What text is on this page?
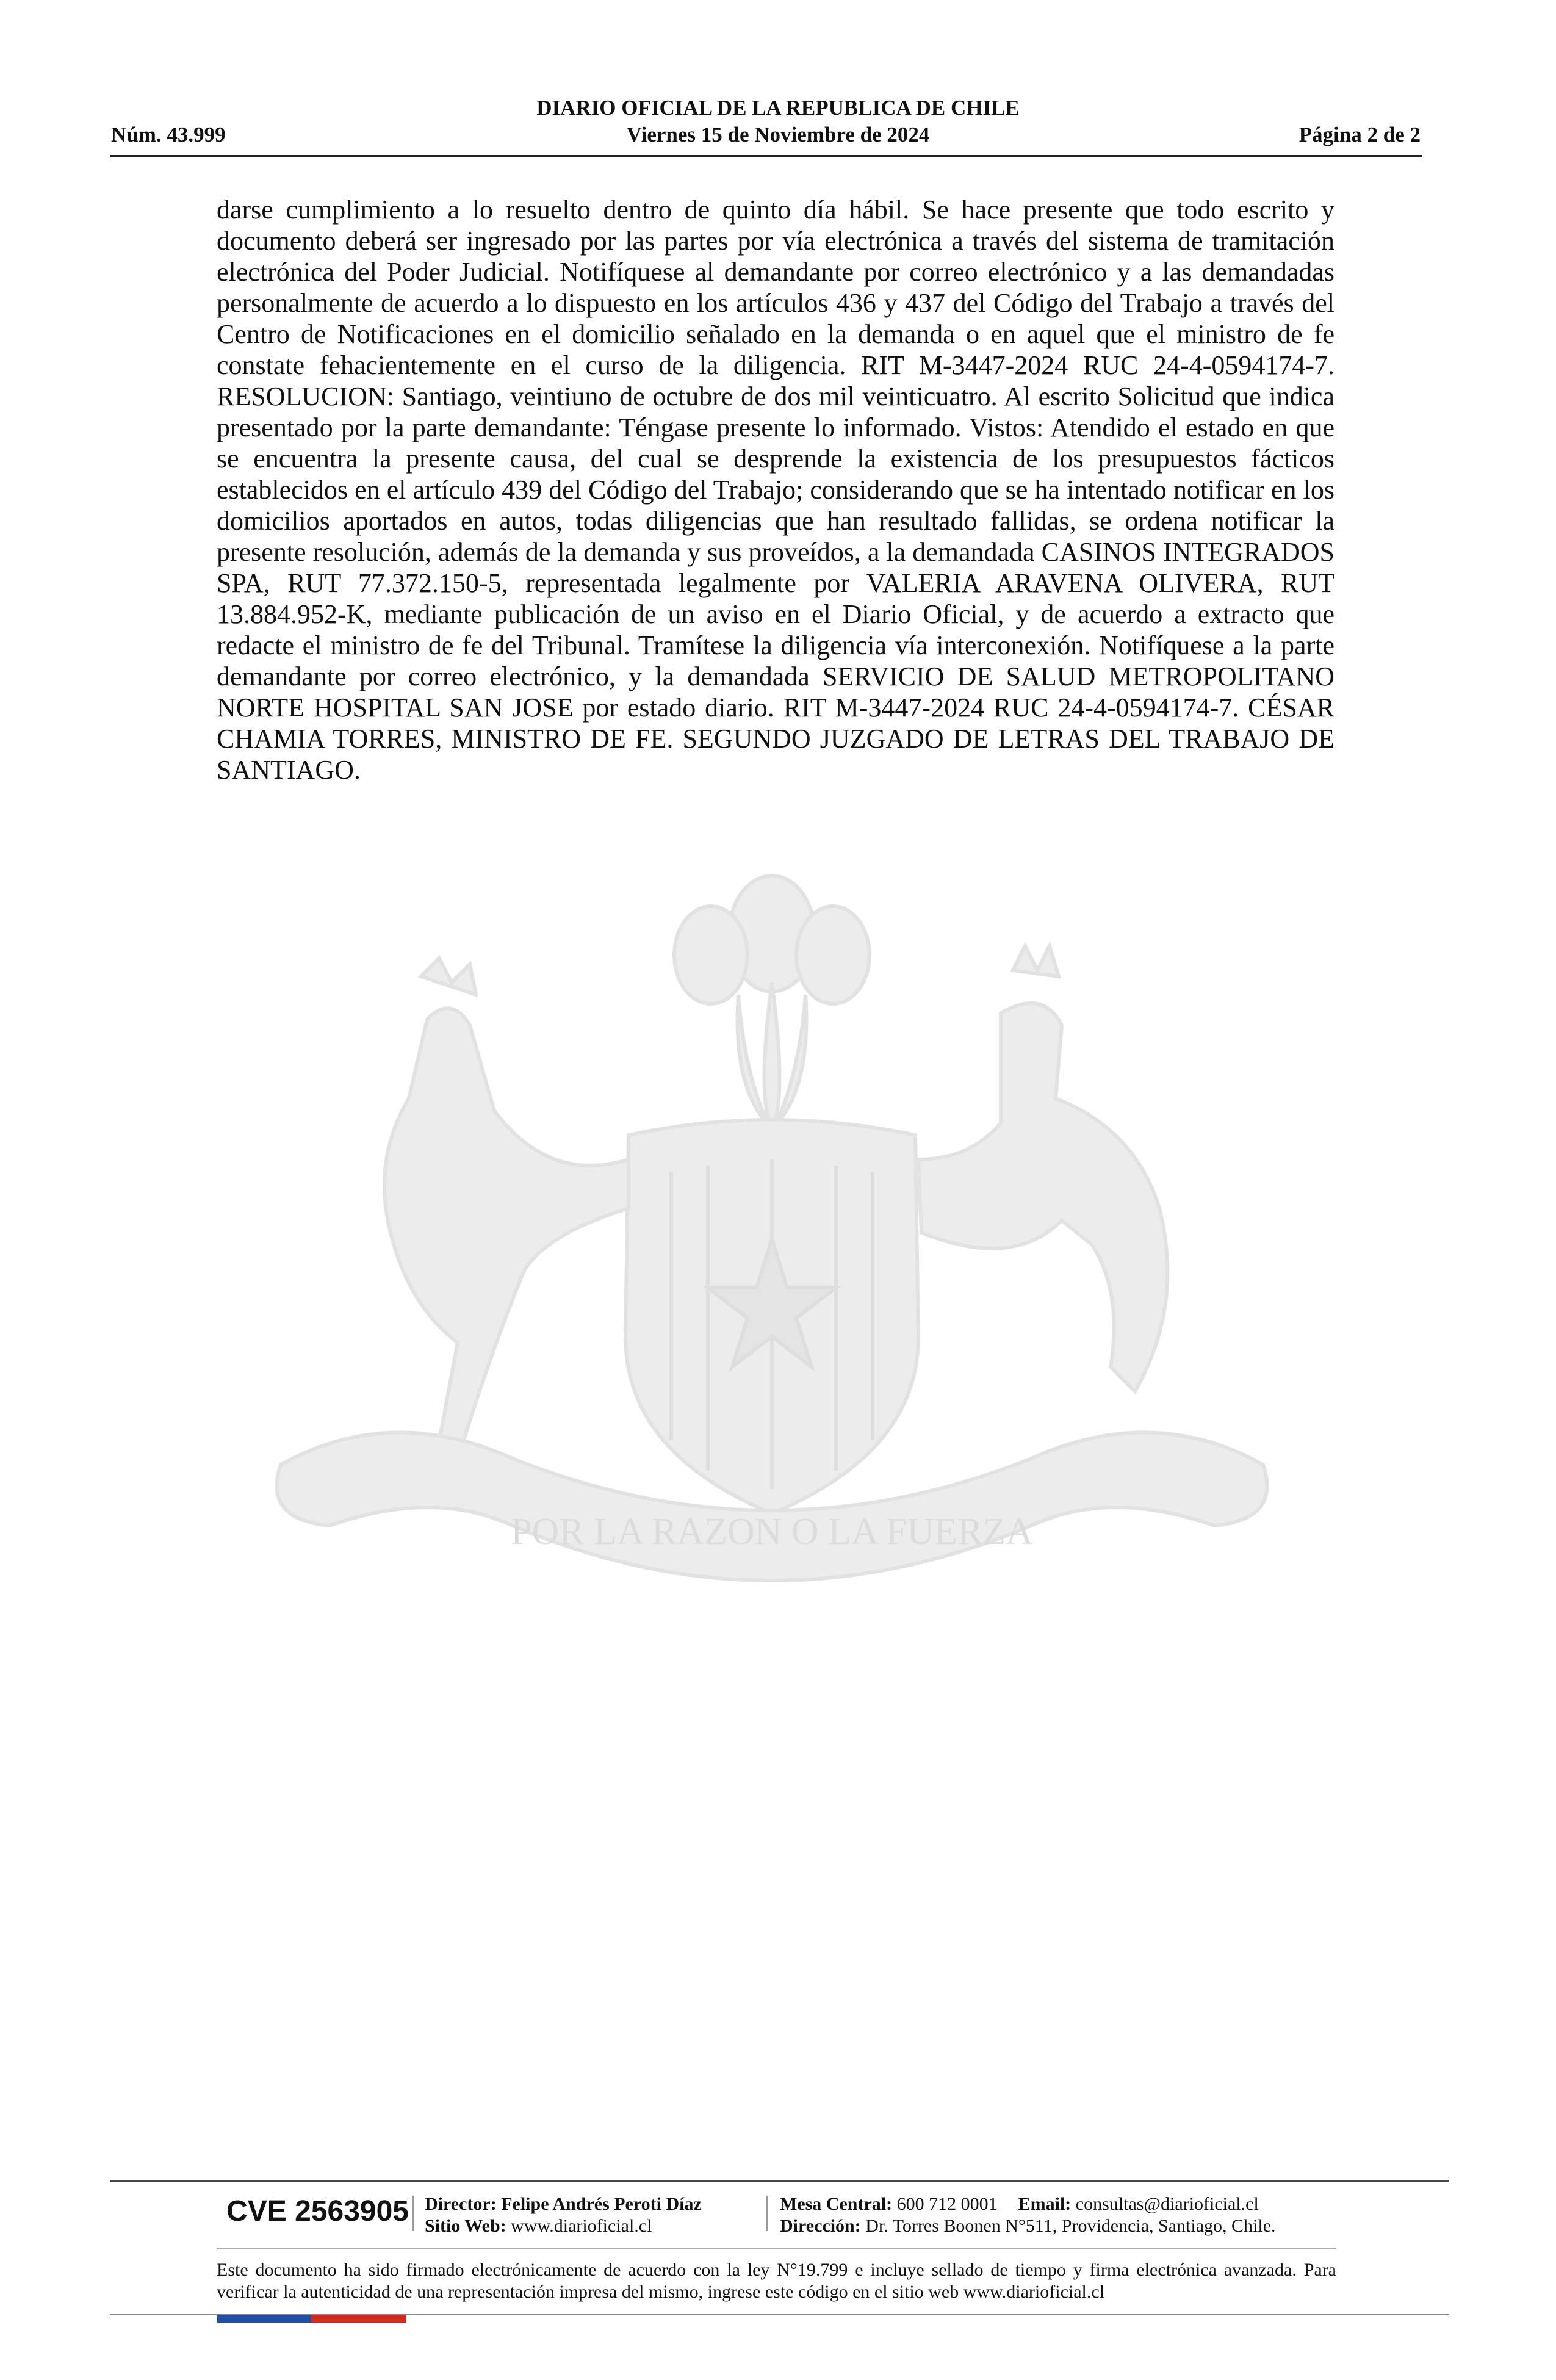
DIARIO OFICIAL DE LA REPUBLICA DE CHILE
Núm. 43.999	Viernes 15 de Noviembre de 2024	Página 2 de 2

darse cumplimiento a lo resuelto dentro de quinto día hábil. Se hace presente que todo escrito y documento deberá ser ingresado por las partes por vía electrónica a través del sistema de tramitación electrónica del Poder Judicial. Notifíquese al demandante por correo electrónico y a las demandadas personalmente de acuerdo a lo dispuesto en los artículos 436 y 437 del Código del Trabajo a través del Centro de Notificaciones en el domicilio señalado en la demanda o en aquel que el ministro de fe constate fehacientemente en el curso de la diligencia. RIT M-3447-2024 RUC 24-4-0594174-7. RESOLUCION: Santiago, veintiuno de octubre de dos mil veinticuatro. Al escrito Solicitud que indica presentado por la parte demandante: Téngase presente lo informado. Vistos: Atendido el estado en que se encuentra la presente causa, del cual se desprende la existencia de los presupuestos fácticos establecidos en el artículo 439 del Código del Trabajo; considerando que se ha intentado notificar en los domicilios aportados en autos, todas diligencias que han resultado fallidas, se ordena notificar la presente resolución, además de la demanda y sus proveídos, a la demandada CASINOS INTEGRADOS SPA, RUT 77.372.150-5, representada legalmente por VALERIA ARAVENA OLIVERA, RUT 13.884.952-K, mediante publicación de un aviso en el Diario Oficial, y de acuerdo a extracto que redacte el ministro de fe del Tribunal. Tramítese la diligencia vía interconexión. Notifíquese a la parte demandante por correo electrónico, y la demandada SERVICIO DE SALUD METROPOLITANO NORTE HOSPITAL SAN JOSE por estado diario. RIT M-3447-2024 RUC 24-4-0594174-7. CÉSAR CHAMIA TORRES, MINISTRO DE FE. SEGUNDO JUZGADO DE LETRAS DEL TRABAJO DE SANTIAGO.

POR LA RAZON O LA FUERZA
CVE 2563905 Director: Felipe Andrés Peroti Díaz
Sitio Web: www.diarioficial.cl
Mesa Central: 600 712 0001 Email: consultas@diarioficial.cl
Dirección: Dr. Torres Boonen N°511, Providencia, Santiago, Chile.

Este documento ha sido firmado electrónicamente de acuerdo con la ley N°19.799 e incluye sellado de tiempo y firma electrónica avanzada. Para verificar la autenticidad de una representación impresa del mismo, ingrese este código en el sitio web www.diarioficial.cl
